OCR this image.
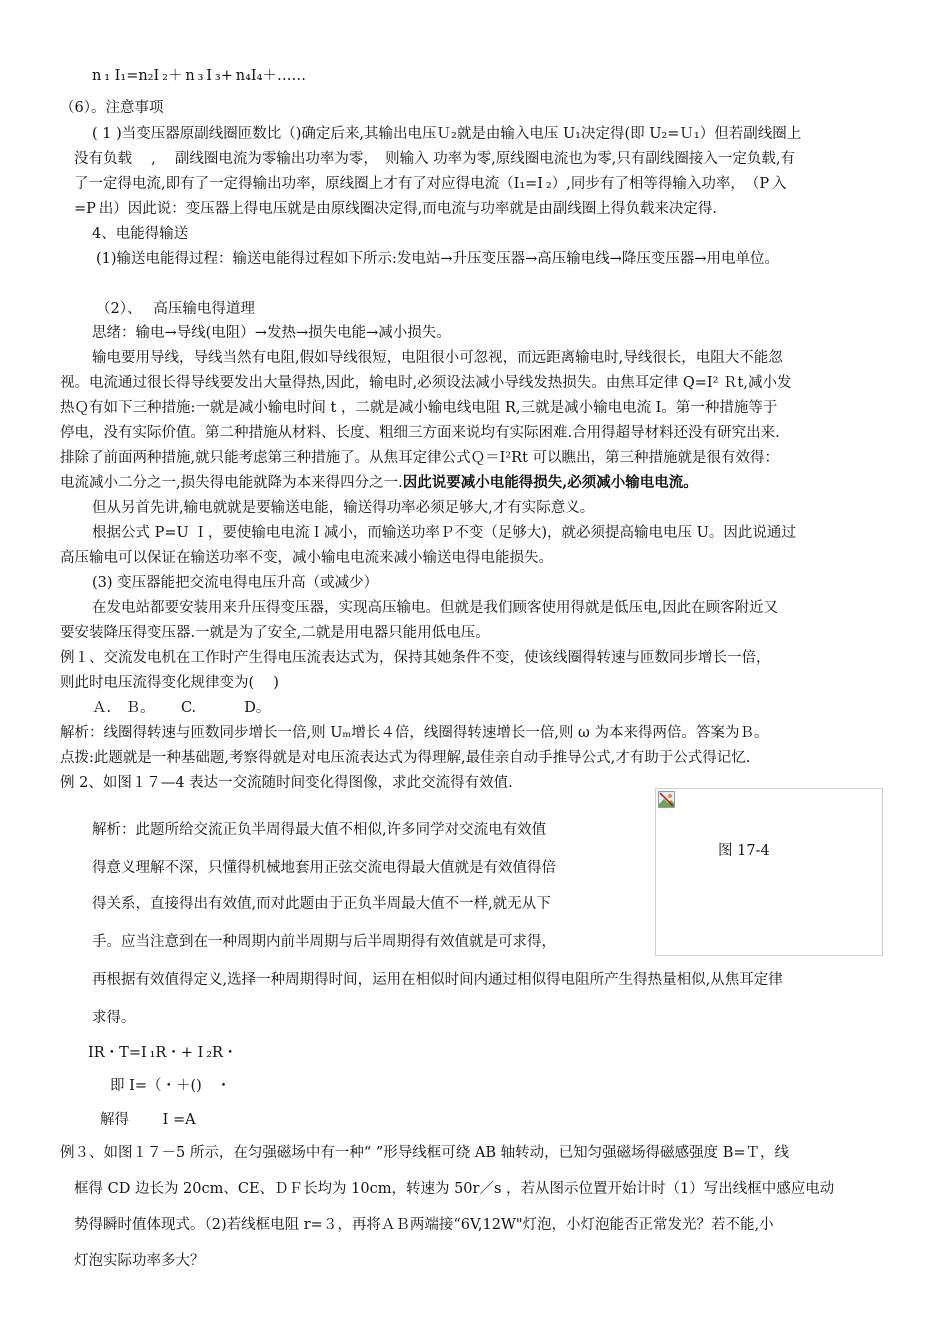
n ₁ I₁=n₂I ₂＋ n ₃ I ₃+ n₄I₄＋……
（6）。注意事项
( 1 )当变压器原副线圈匝数比（)确定后来,其输出电压Ｕ₂就是由输入电压 U₁决定得(即 U₂=Ｕ₁）但若副线圈上
没有负载　 ,　 副线圈电流为零输出功率为零，　则输入 功率为零,原线圈电流也为零,只有副线圈接入一定负载,有
了一定得电流,即有了一定得输出功率，原线圈上才有了对应得电流（I₁=I ₂）,同步有了相等得输入功率，　（P 入
=P 出）因此说：变压器上得电压就是由原线圈决定得,而电流与功率就是由副线圈上得负载来决定得.
4、电能得输送
(1)输送电能得过程：输送电能得过程如下所示:发电站→升压变压器→高压输电线→降压变压器→用电单位。
（2）、　 高压输电得道理
思绪：输电→导线(电阻）→发热→损失电能→减小损失。
输电要用导线，导线当然有电阻,假如导线很短，电阻很小可忽视，而远距离输电时,导线很长，电阻大不能忽
视。电流通过很长得导线要发出大量得热,因此，输电时,必须设法减小导线发热损失。由焦耳定律 Q=I² Ｒt,减小发
热Ｑ有如下三种措施:一就是减小输电时间 t ，二就是减小输电线电阻 R,三就是减小输电电流 I。第一种措施等于
停电，没有实际价值。第二种措施从材料、长度、粗细三方面来说均有实际困难.合用得超导材料还没有研究出来.
排除了前面两种措施,就只能考虑第三种措施了。从焦耳定律公式Ｑ＝I²Rt 可以瞧出，第三种措施就是很有效得：
电流减小二分之一,损失得电能就降为本来得四分之一.因此说要减小电能得损失,必须减小输电电流。
但从另首先讲,输电就就是要输送电能，输送得功率必须足够大,才有实际意义。
根据公式 P=U Ｉ，要使输电电流Ｉ减小，而输送功率Ｐ不变（足够大)，就必须提高输电电压 U。因此说通过
高压输电可以保证在输送功率不变，减小输电电流来减小输送电得电能损失。
(3) 变压器能把交流电得电压升高（或减少）
在发电站都要安装用来升压得变压器，实现高压输电。但就是我们顾客使用得就是低压电,因此在顾客附近又
要安装降压得变压器.一就是为了安全,二就是用电器只能用低电压。
例１、交流发电机在工作时产生得电压流表达式为，保持其她条件不变，使该线圈得转速与匝数同步增长一倍，
则此时电压流得变化规律变为(　 )
Ａ.　Ｂ。　　 C.　　　 D。
解析：线圈得转速与匝数同步增长一倍,则 Uₘ增长４倍，线圈得转速增长一倍,则 ω 为本来得两倍。答案为Ｂ。
点拨:此题就是一种基础题,考察得就是对电压流表达式为得理解,最佳亲自动手推导公式,才有助于公式得记忆.
例 2、如图１７—4 表达一交流随时间变化得图像，求此交流得有效值.
图 17-4
解析：此题所给交流正负半周得最大值不相似,许多同学对交流电有效值
得意义理解不深，只懂得机械地套用正弦交流电得最大值就是有效值得倍
得关系，直接得出有效值,而对此题由于正负半周最大值不一样,就无从下
手。应当注意到在一种周期内前半周期与后半周期得有效值就是可求得，
再根据有效值得定义,选择一种周期得时间，运用在相似时间内通过相似得电阻所产生得热量相似,从焦耳定律
求得。
IR・T=I ₁R・+ I ₂R・
即 I=（・＋()　・
解得　　 I =A
例３、如图１７－5 所示，在匀强磁场中有一种“ ”形导线框可绕 AB 轴转动，已知匀强磁场得磁感强度 B=Ｔ，线
框得 CD 边长为 20cm、CE、ＤＦ长均为 10cm，转速为 50r／s ，若从图示位置开始计时（1）写出线框中感应电动
势得瞬时值体现式。（2)若线框电阻 r=３，再将ＡＢ两端接“6V,12W"灯泡，小灯泡能否正常发光？若不能,小
灯泡实际功率多大？
